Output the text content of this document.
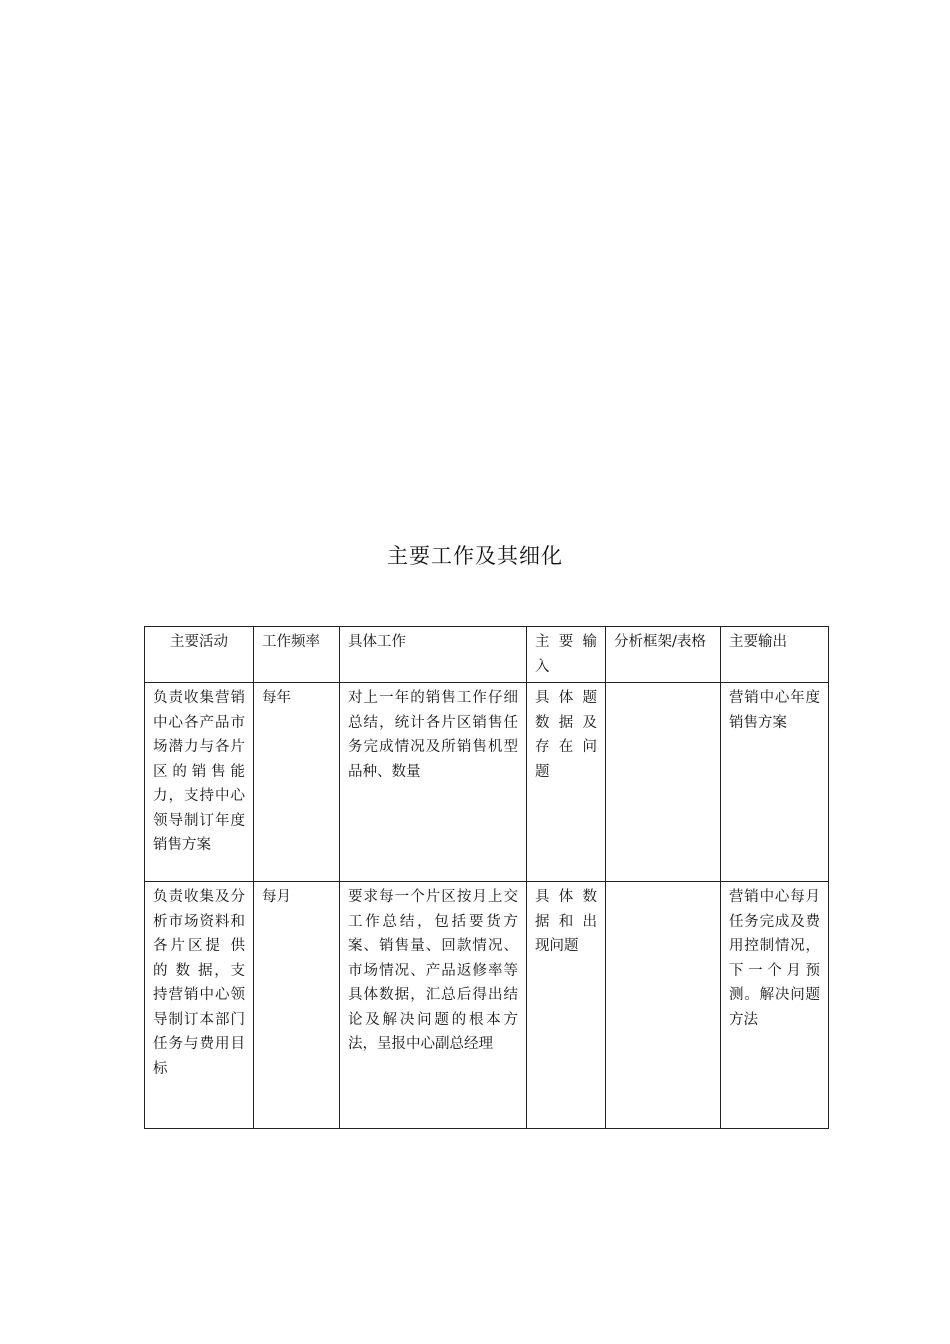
主要工作及其细化
主要活动	工作频率	具体工作	主 要 输 入	分析框架/表格	主要输出
负责收集营销中心各产品市场潜力与各片区的销售能力，支持中心领导制订年度销售方案	每年	对上一年的销售工作仔细总结，统计各片区销售任务完成情况及所销售机型品种、数量	具 体 题 数 据 及 存 在 问 题		营销中心年度销售方案
负责收集及分析市场资料和各片区提 供 的 数 据，支持营销中心领导制订本部门任务与费用目标	每月	要求每一个片区按月上交工作总结，包括要货方案、销售量、回款情况、市场情况、产品返修率等具体数据，汇总后得出结论及解决问题的根本方法，呈报中心副总经理	具 体 数 据 和 出 现问题		营销中心每月任务完成及费用控制情况，下一个月预测。解决问题方法
